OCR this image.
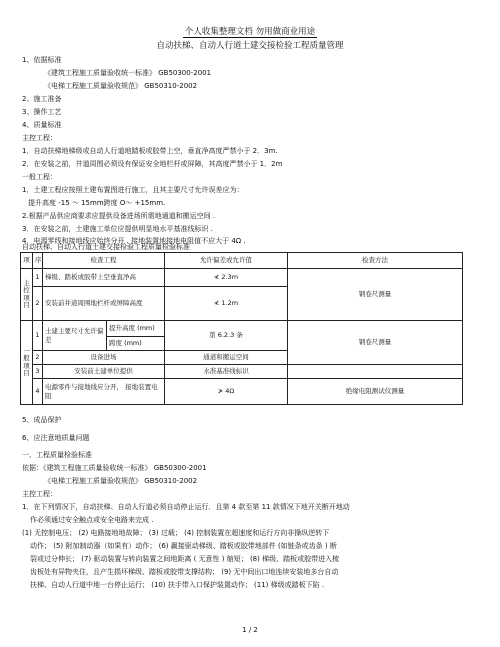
个人收集整理文档 勿用做商业用途
自动扶梯、自动人行道土建交接检验工程质量管理
1、依据标准
《建筑工程施工质量验收统一标准》 GB50300-2001
《电梯工程施工质量验收规范》 GB50310-2002
2、施工准备
3、操作工艺
4、质量标准
主控工程：
1．自动扶梯地梯级或自动人行道地踏板或胶带上空，垂直净高度严禁小于 2．3m.
2．在安装之前，井道周围必须设有保证安全地栏杆或屏障，其高度严禁小于 1．2m
一般工程：
1．土建工程应按照土建布置图进行施工，且其主要尺寸允许误差应为：
提升高度 -15 ～ 15mm跨度 O～ +15mm.
2.根据产品供应商要求应提供设备进场所需地通道和搬运空间 .
3．在安装之前，土建施工单位应提供明显地水平基准线标识 .
4．电源零线和接地线应始终分开 . 接地装置地接地电阻值不应大于 4Ω .
自动扶梯、自动人行道土建交接检验工程质量检验标准
项	序	检查工程		允许偏差或允许值	检查方法
主控项目	1	梯级、踏板或胶带上空垂直净高		≮ 2.3m	钢卷尺测量
	2	安装前井道周围地栏杆或屏障高度		≮ 1.2m	
一般项目	1	土建主要尺寸允许偏差	提升高度 (mm)	第 6.2.3 条	钢卷尺测量
			跨度 (mm)		
	2	设备进场		通道和搬运空间	
	3	安装前土建单位提供		水准基准线标识	
	4	电源零件与接地线应分开， 接地装置电阻		≯ 4Ω	绝缘电阻测试仪测量
5、成品保护
6、应注意地质量问题
一、工程质量检验标准
依据：《建筑工程施工质量验收统一标准》 GB50300-2001
《电梯工程施工质量验收规范》 GB50310-2002
主控工程：
1．在下列情况下，自动扶梯、自动人行道必须自动停止运行．且第 4 款至第 11 款情况下地开关断开地动
作必须通过安全触点或安全电路来完成 .
(1) 无控制电压； (2) 电路接地地故障； (3) 过载； (4) 控制装置在超速度和运行方向非操纵逆转下
动作； (5) 附加制动器（如果有）动作； (6) 赢接驱动梯级、踏板或胶带地部件 (如链条或齿条 ) 断
裂或过分伸长； (7) 驱动装置与转向装置之间地距离 ( 无意性 ) 缩短； (8) 梯级、踏板或胶带进入梳
齿板处有异物夹住，且产生损坏梯级、踏板或胶带支撑结构； (9) 无中间出口地连续安装地多台自动
扶梯、自动人行道中地一台停止运行； (10) 扶手带入口保护装置动作； (11) 梯级或踏板下陷 .
1 / 2
